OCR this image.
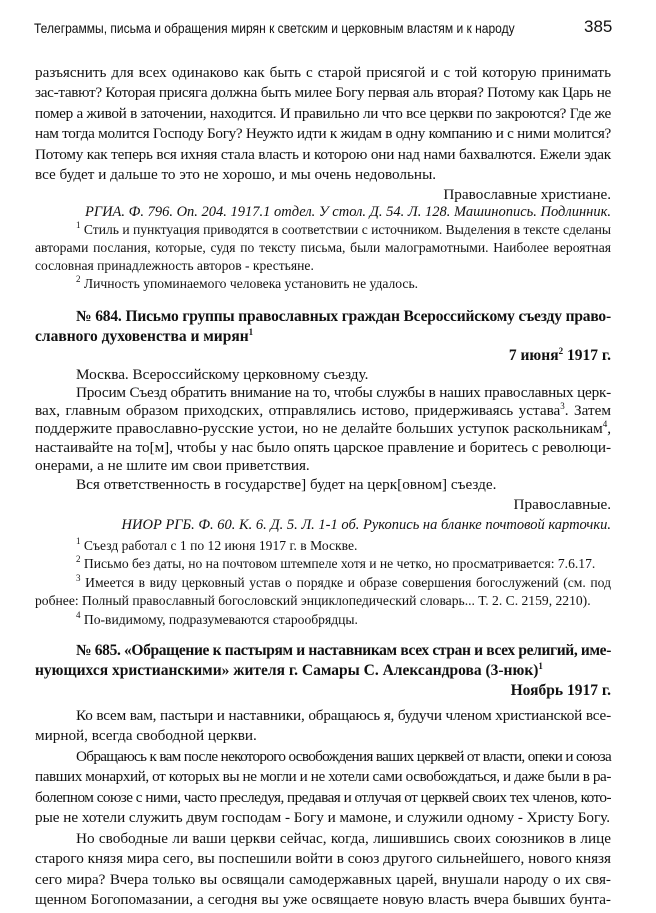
Телеграммы, письма и обращения мирян к светским и церковным властям и к народу	385
разъяснить для всех одинаково как быть с старой присягой и с той которую принимать
зас-тавют? Которая присяга должна быть милее Богу первая аль вторая? Потому как Царь не
помер а живой в заточении, находится. И правильно ли что все церкви по закроются? Где же
нам тогда молится Господу Богу? Неужто идти к жидам в одну компанию и с ними молится?
Потому как теперь вся ихняя стала власть и которою они над нами бахвалются. Ежели эдак
все будет и дальше то это не хорошо, и мы очень недовольны.
Православные христиане.
РГИА. Ф. 796. Оп. 204. 1917.1 отдел. У стол. Д. 54. Л. 128. Машинопись. Подлинник.
$^1$ Стиль и пунктуация приводятся в соответствии с источником. Выделения в тексте сделаны
авторами послания, которые, судя по тексту письма, были малограмотными. Наиболее вероятная
сословная принадлежность авторов - крестьяне.
$^2$ Личность упоминаемого человека установить не удалось.
№ 684. Письмо группы православных граждан Всероссийскому съезду право-
славного духовенства и мирян$^1$
7 июня$^2$ 1917 г.
Москва. Всероссийскому церковному съезду.
Просим Съезд обратить внимание на то, чтобы службы в наших православных церк-
вах, главным образом приходских, отправлялись истово, придерживаясь устава$^3$. Затем
поддержите православно-русские устои, но не делайте больших уступок раскольникам$^4$,
настаивайте на то[м], чтобы у нас было опять царское правление и боритесь с революци-
онерами, а не шлите им свои приветствия.
Вся ответственность в государстве] будет на церк[овном] съезде.
Православные.
НИОР РГБ. Ф. 60. К. 6. Д. 5. Л. 1-1 об. Рукопись на бланке почтовой карточки.
$^1$ Съезд работал с 1 по 12 июня 1917 г. в Москве.
$^2$ Письмо без даты, но на почтовом штемпеле хотя и не четко, но просматривается: 7.6.17.
$^3$ Имеется в виду церковный устав о порядке и образе совершения богослужений (см. под
робнее: Полный православный богословский энциклопедический словарь... Т. 2. С. 2159, 2210).
$^4$ По-видимому, подразумеваются старообрядцы.
№ 685. «Обращение к пастырям и наставникам всех стран и всех религий, име-
нующихся христианскими» жителя г. Самары С. Александрова $(3-нюк)^1$
Ноябрь 1917 г.
Ко всем вам, пастыри и наставники, обращаюсь я, будучи членом христианской все-
мирной, всегда свободной церкви.
Обращаюсь к вам после некоторого освобождения ваших церквей от власти, опеки и союза
павших монархий, от которых вы не могли и не хотели сами освобождаться, и даже были в ра-
болепном союзе с ними, часто преследуя, предавая и отлучая от церквей своих тех членов, кото-
рые не хотели служить двум господам - Богу и мамоне, и служили одному - Христу Богу.
Но свободные ли ваши церкви сейчас, когда, лишившись своих союзников в лице
старого князя мира сего, вы поспешили войти в союз другого сильнейшего, нового князя
сего мира? Вчера только вы освящали самодержавных царей, внушали народу о их свя-
щенном Богопомазании, а сегодня вы уже освящаете новую власть вчера бывших бунта-
